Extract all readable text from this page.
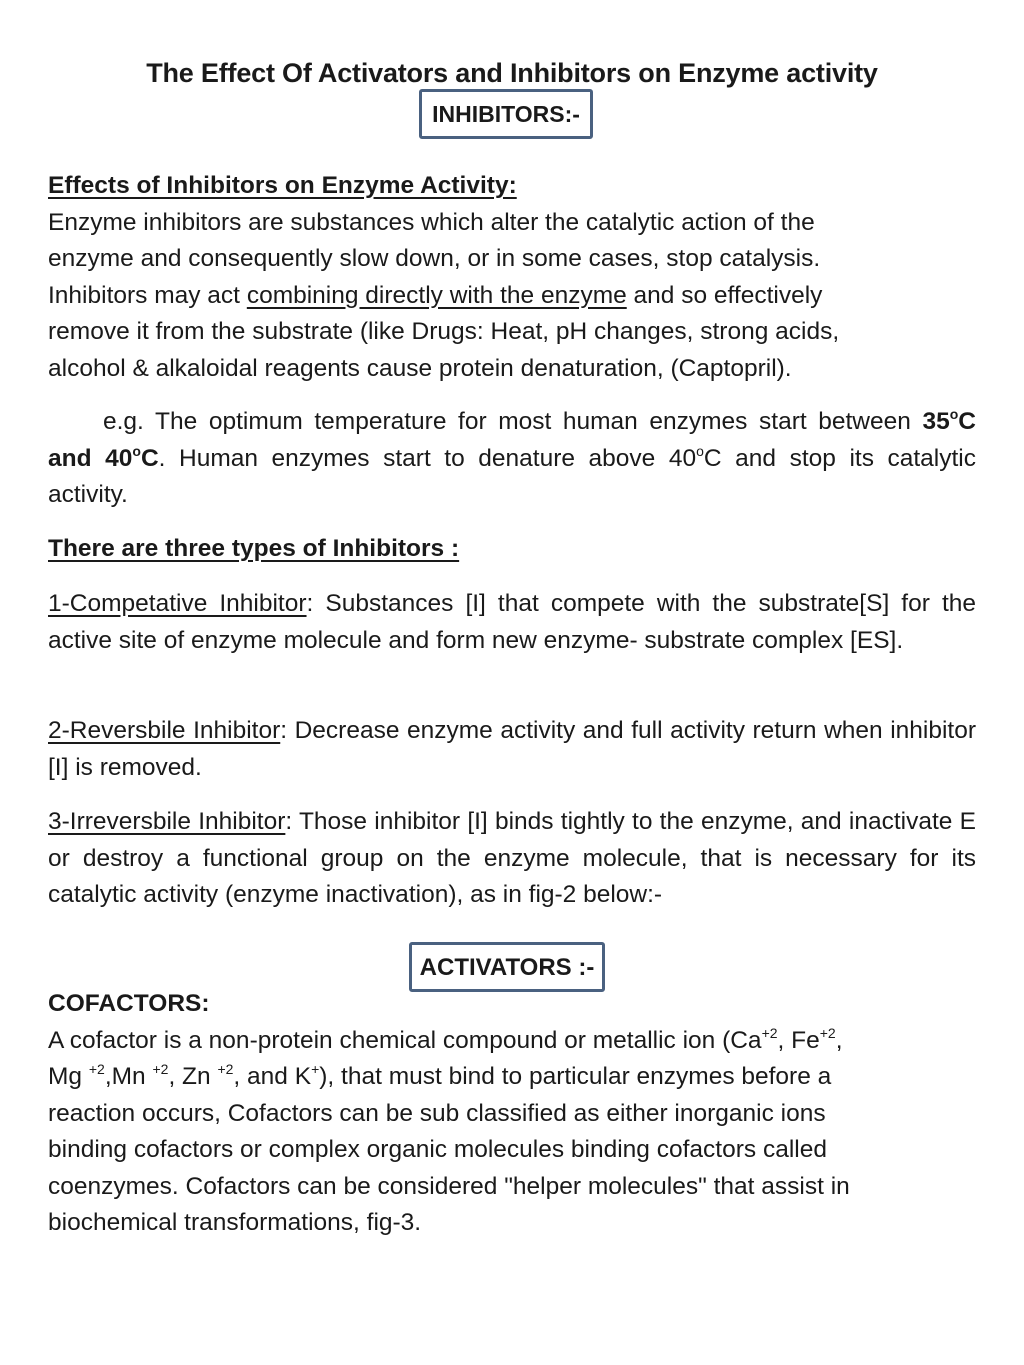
The Effect Of Activators and Inhibitors on Enzyme activity
INHIBITORS:-
Effects of Inhibitors on Enzyme Activity:
Enzyme inhibitors are substances which alter the catalytic action of the
enzyme and consequently slow down, or in some cases, stop catalysis.
Inhibitors may act combining directly with the enzyme and so effectively
remove it from the substrate (like Drugs: Heat, pH changes, strong acids,
alcohol & alkaloidal reagents cause protein denaturation, (Captopril).

e.g. The optimum temperature for most human enzymes start between 35$^o$C and 40$^o$C. Human enzymes start to denature above 40$^o$C and stop its catalytic activity.

There are three types of Inhibitors :

1-Competative Inhibitor: Substances [I] that compete with the substrate[S] for the active site of enzyme molecule and form new enzyme- substrate complex [ES].

2-Reversbile Inhibitor: Decrease enzyme activity and full activity return when inhibitor [I] is removed.

3-Irreversbile Inhibitor: Those inhibitor [I] binds tightly to the enzyme, and inactivate E or destroy a functional group on the enzyme molecule, that is necessary for its catalytic activity (enzyme inactivation), as in fig-2 below:-

ACTIVATORS :-
COFACTORS:
A cofactor is a non-protein chemical compound or metallic ion ($Ca^{+2}$, $Fe^{+2}$,
Mg $^{+2}$,Mn $^{+2}$, Zn $^{+2}$, and K+), that must bind to particular enzymes before a
reaction occurs, Cofactors can be sub classified as either inorganic ions
binding cofactors or complex organic molecules binding cofactors called
coenzymes. Cofactors can be considered "helper molecules" that assist in
biochemical transformations, fig-3.
